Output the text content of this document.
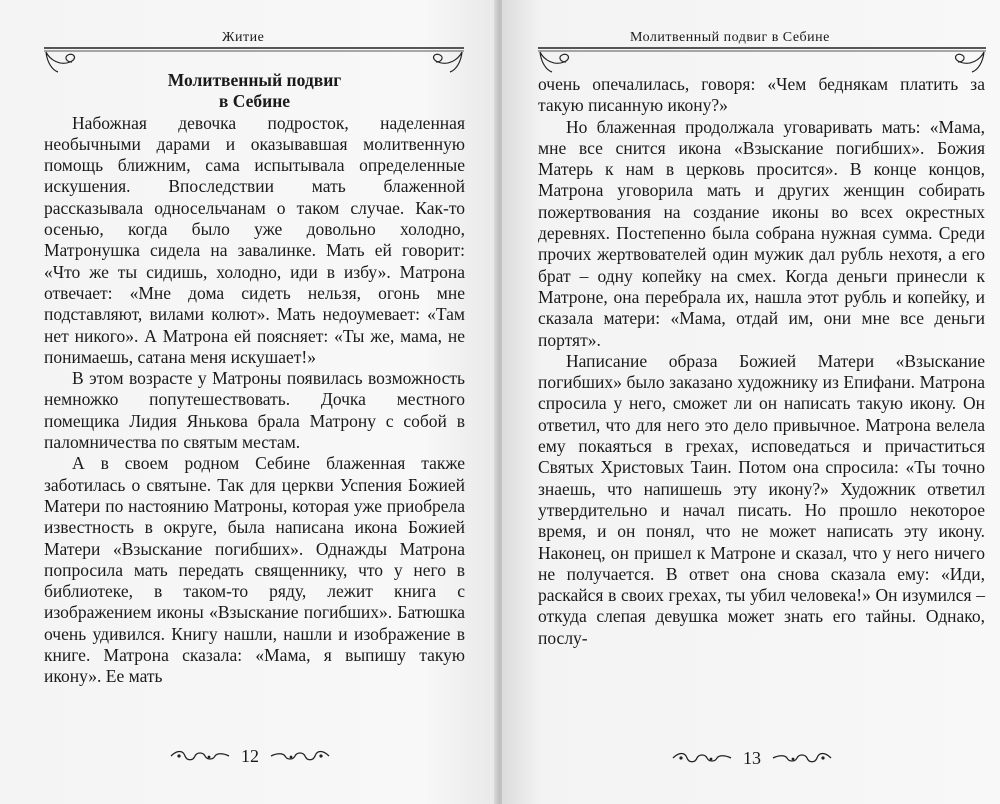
Житие
Молитвенный подвиг
в Себине

Набожная девочка подросток, наделенная необычными дарами и оказывавшая молитвенную помощь ближним, сама испытывала определенные искушения. Впоследствии мать блаженной рассказывала односельчанам о таком случае. Как-то осенью, когда было уже довольно холодно, Матронушка сидела на завалинке. Мать ей говорит: «Что же ты сидишь, холодно, иди в избу». Матрона отвечает: «Мне дома сидеть нельзя, огонь мне подставляют, вилами колют». Мать недоумевает: «Там нет никого». А Матрона ей поясняет: «Ты же, мама, не понимаешь, сатана меня искушает!»

В этом возрасте у Матроны появилась возможность немножко попутешествовать. Дочка местного помещика Лидия Янькова брала Матрону с собой в паломничества по святым местам.

А в своем родном Себине блаженная также заботилась о святыне. Так для церкви Успения Божией Матери по настоянию Матроны, которая уже приобрела известность в округе, была написана икона Божией Матери «Взыскание погибших». Однажды Матрона попросила мать передать священнику, что у него в библиотеке, в таком-то ряду, лежит книга с изображением иконы «Взыскание погибших». Батюшка очень удивился. Книгу нашли, нашли и изображение в книге. Матрона сказала: «Мама, я выпишу такую икону». Ее мать

12
Молитвенный подвиг в Себине

очень опечалилась, говоря: «Чем беднякам платить за такую писанную икону?»

Но блаженная продолжала уговаривать мать: «Мама, мне все снится икона «Взыскание погибших». Божия Матерь к нам в церковь просится». В конце концов, Матрона уговорила мать и других женщин собирать пожертвования на создание иконы во всех окрестных деревнях. Постепенно была собрана нужная сумма. Среди прочих жертвователей один мужик дал рубль нехотя, а его брат – одну копейку на смех. Когда деньги принесли к Матроне, она перебрала их, нашла этот рубль и копейку, и сказала матери: «Мама, отдай им, они мне все деньги портят».

Написание образа Божией Матери «Взыскание погибших» было заказано художнику из Епифани. Матрона спросила у него, сможет ли он написать такую икону. Он ответил, что для него это дело привычное. Матрона велела ему покаяться в грехах, исповедаться и причаститься Святых Христовых Таин. Потом она спросила: «Ты точно знаешь, что напишешь эту икону?» Художник ответил утвердительно и начал писать. Но прошло некоторое время, и он понял, что не может написать эту икону. Наконец, он пришел к Матроне и сказал, что у него ничего не получается. В ответ она снова сказала ему: «Иди, раскайся в своих грехах, ты убил человека!» Он изумился – откуда слепая девушка может знать его тайны. Однако, послу-

13
